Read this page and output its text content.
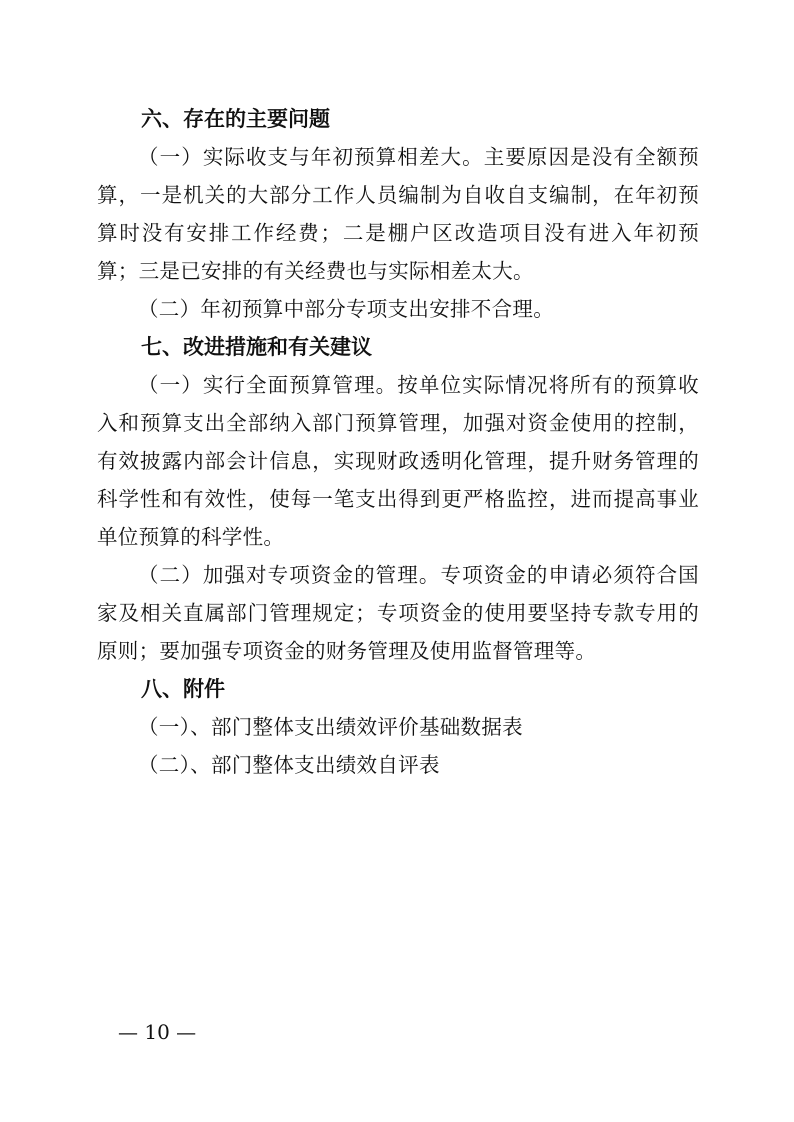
六、存在的主要问题

（一）实际收支与年初预算相差大。主要原因是没有全额预算，一是机关的大部分工作人员编制为自收自支编制，在年初预算时没有安排工作经费；二是棚户区改造项目没有进入年初预算；三是已安排的有关经费也与实际相差太大。

（二）年初预算中部分专项支出安排不合理。

七、改进措施和有关建议

（一）实行全面预算管理。按单位实际情况将所有的预算收入和预算支出全部纳入部门预算管理，加强对资金使用的控制，有效披露内部会计信息，实现财政透明化管理，提升财务管理的科学性和有效性，使每一笔支出得到更严格监控，进而提高事业单位预算的科学性。

（二）加强对专项资金的管理。专项资金的申请必须符合国家及相关直属部门管理规定；专项资金的使用要坚持专款专用的原则；要加强专项资金的财务管理及使用监督管理等。

八、附件

（一）、部门整体支出绩效评价基础数据表

（二）、部门整体支出绩效自评表

— 10 —
